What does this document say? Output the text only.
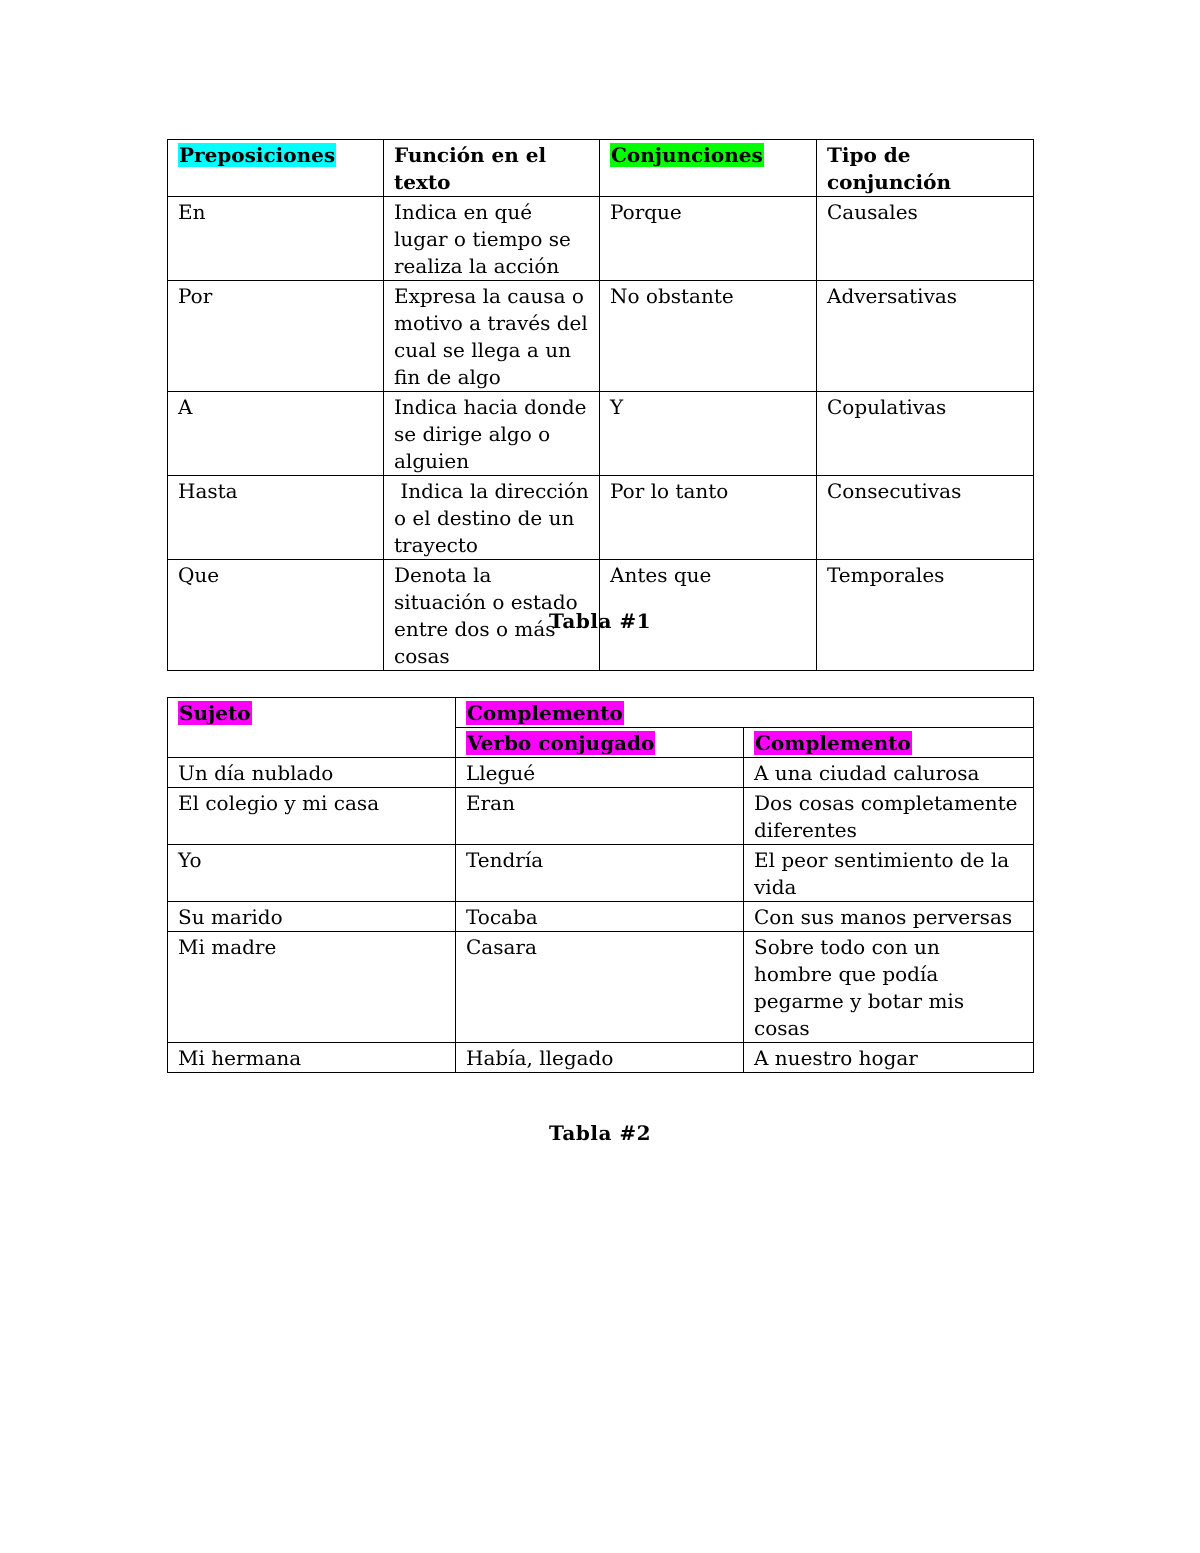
Preposiciones	Función en el texto	Conjunciones	Tipo de conjunción
En	Indica en qué lugar o tiempo se realiza la acción	Porque	Causales
Por	Expresa la causa o motivo a través del cual se llega a un fin de algo	No obstante	Adversativas
A	Indica hacia donde se dirige algo o alguien	Y	Copulativas
Hasta	Indica la dirección o el destino de un trayecto	Por lo tanto	Consecutivas
Que	Denota la situación o estado entre dos o más cosas	Antes que	Temporales
Tabla #1
Sujeto	Complemento	
	Verbo conjugado	Complemento
Un día nublado	Llegué	A una ciudad calurosa
El colegio y mi casa	Eran	Dos cosas completamente diferentes
Yo	Tendría	El peor sentimiento de la vida
Su marido	Tocaba	Con sus manos perversas
Mi madre	Casara	Sobre todo con un hombre que podía pegarme y botar mis cosas
Mi hermana	Había, llegado	A nuestro hogar
Tabla #2
